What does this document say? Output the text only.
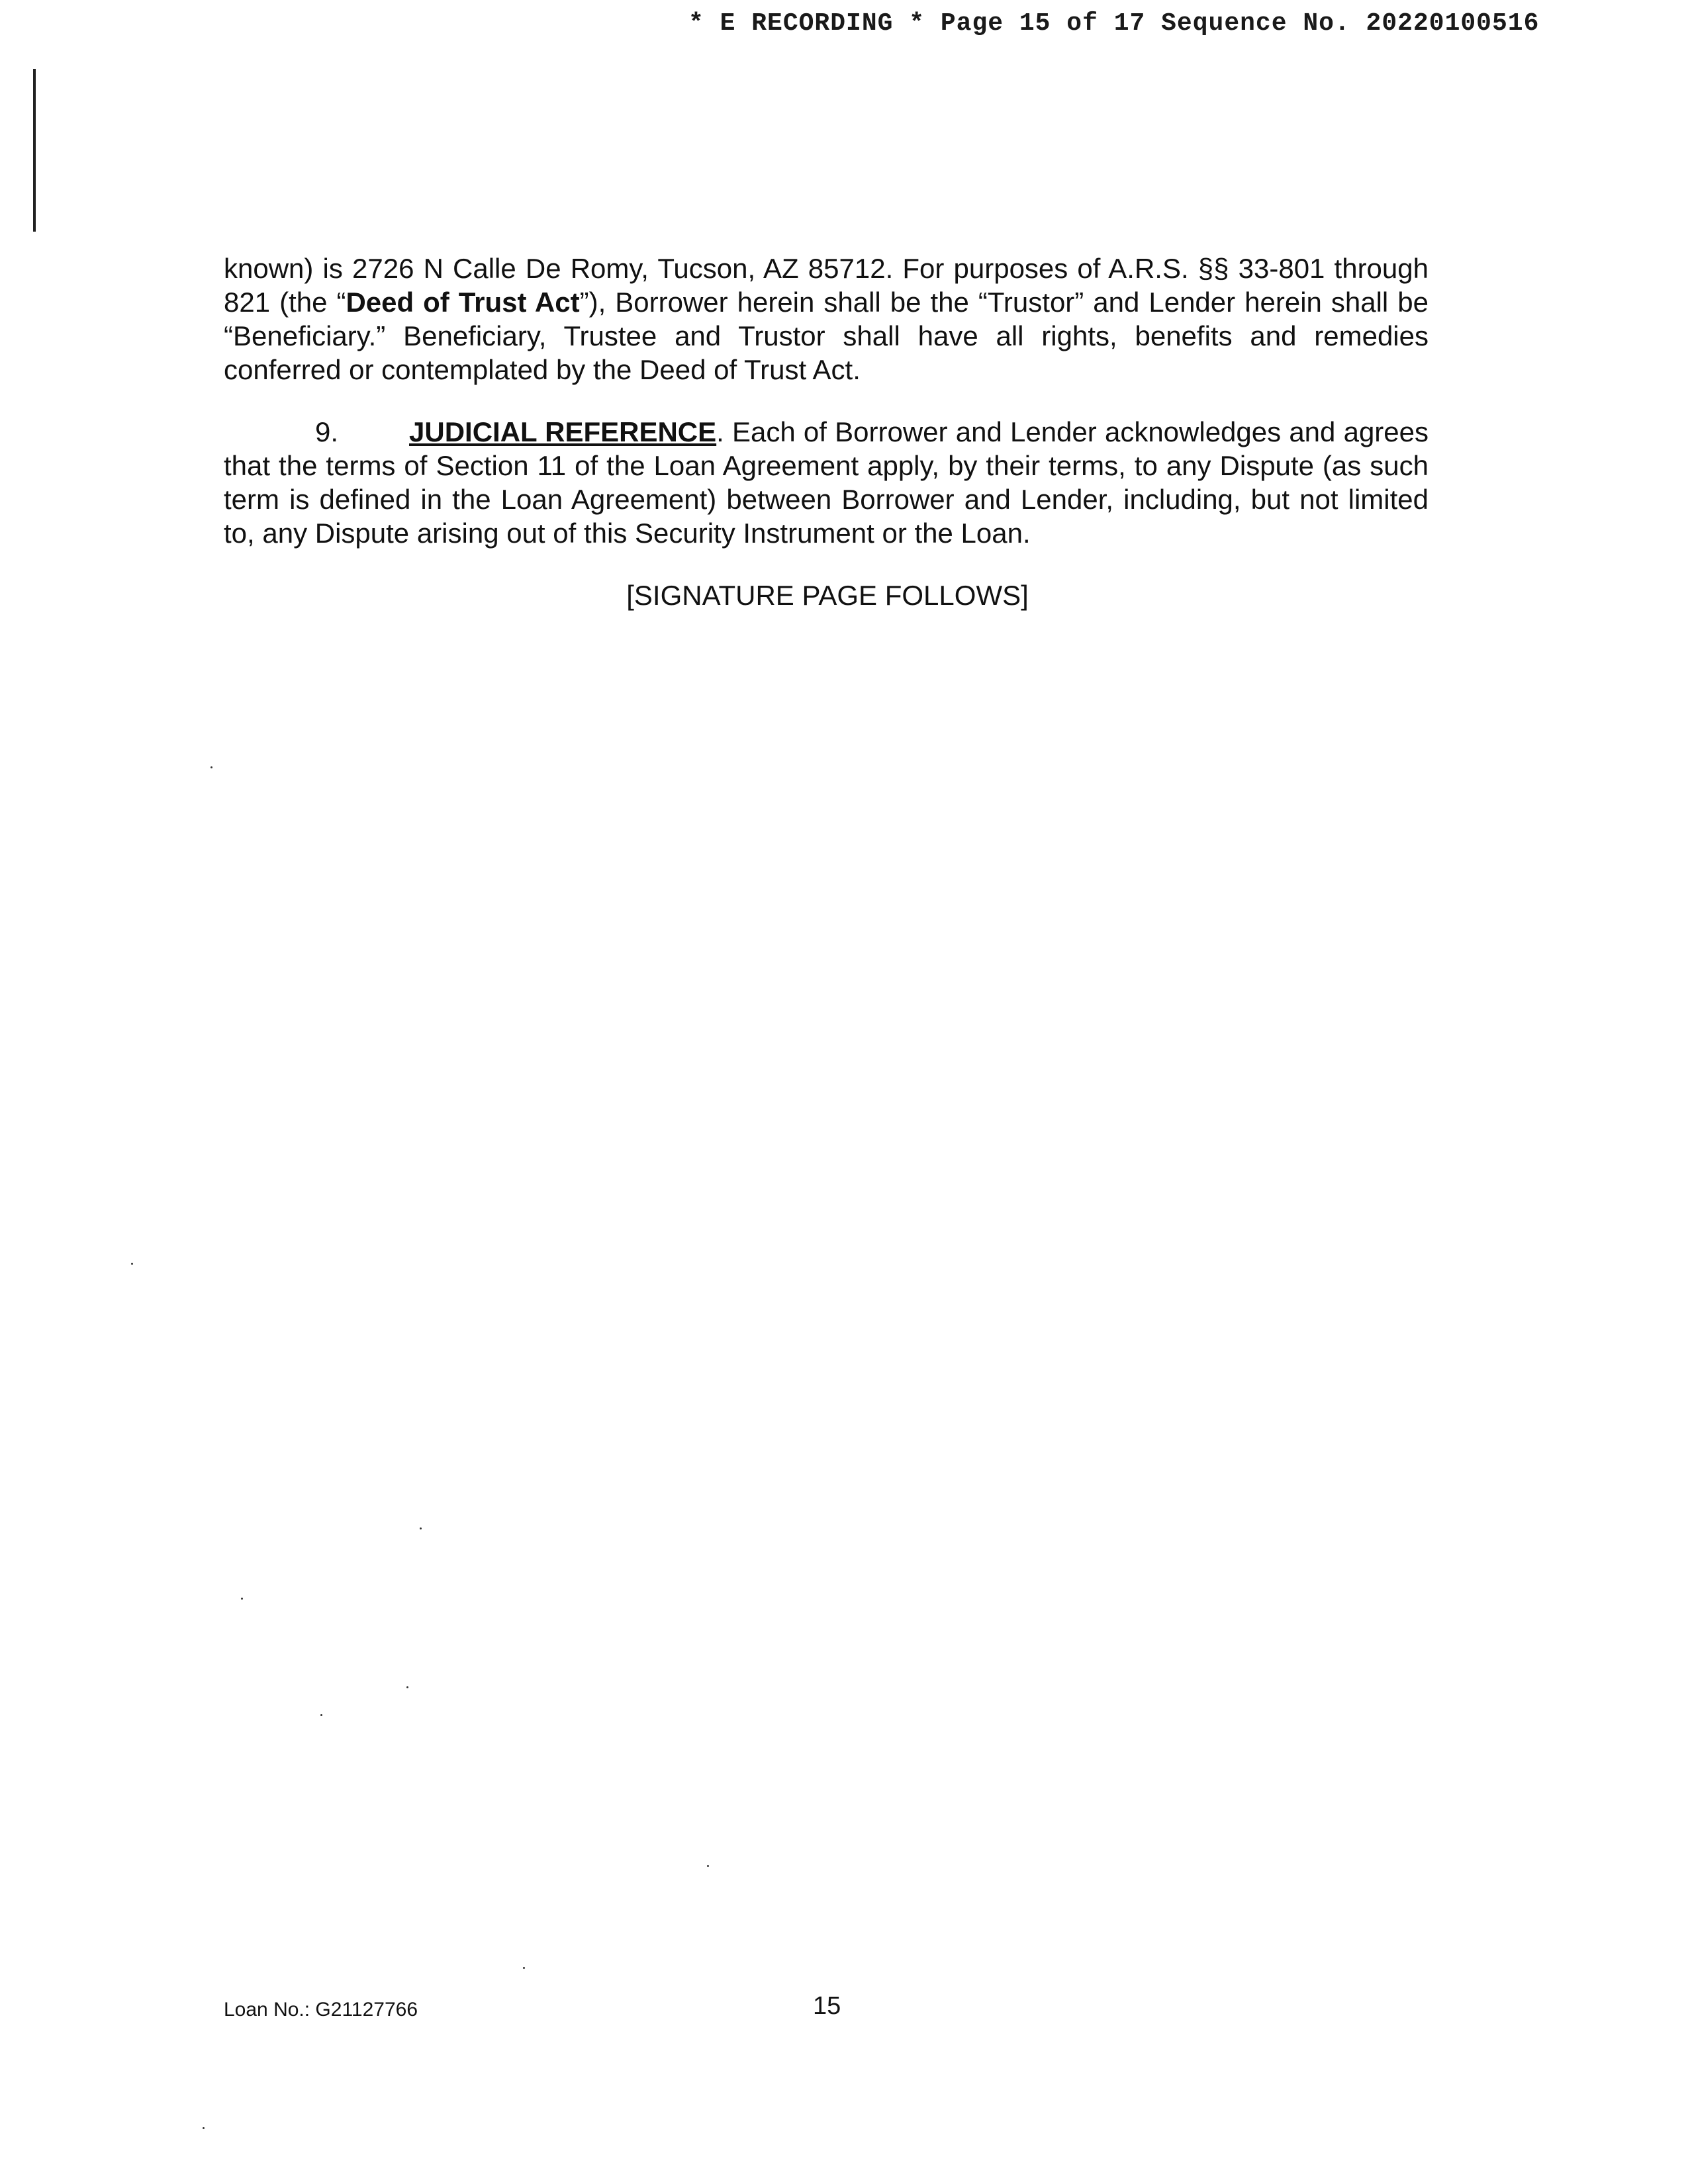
* E RECORDING * Page 15 of 17 Sequence No. 20220100516
known) is 2726 N Calle De Romy, Tucson, AZ 85712. For purposes of A.R.S. §§ 33-801 through 821 (the “Deed of Trust Act”), Borrower herein shall be the “Trustor” and Lender herein shall be “Beneficiary.” Beneficiary, Trustee and Trustor shall have all rights, benefits and remedies conferred or contemplated by the Deed of Trust Act.
9.	JUDICIAL REFERENCE. Each of Borrower and Lender acknowledges and agrees that the terms of Section 11 of the Loan Agreement apply, by their terms, to any Dispute (as such term is defined in the Loan Agreement) between Borrower and Lender, including, but not limited to, any Dispute arising out of this Security Instrument or the Loan.
[SIGNATURE PAGE FOLLOWS]
Loan No.: G21127766	15
